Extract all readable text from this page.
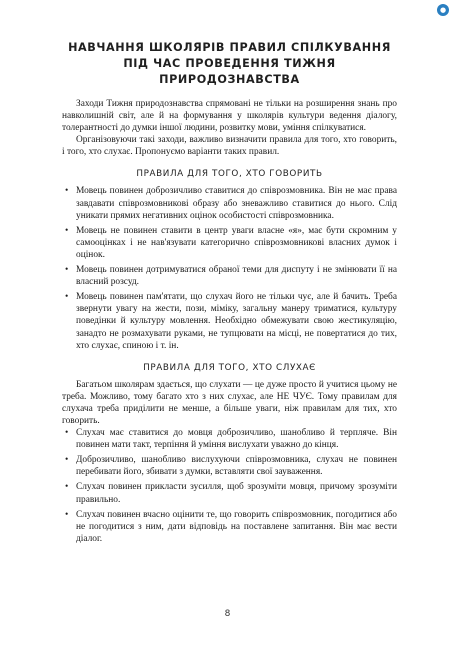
●
НАВЧАННЯ ШКОЛЯРІВ ПРАВИЛ СПІЛКУВАННЯ
ПІД ЧАС ПРОВЕДЕННЯ ТИЖНЯ ПРИРОДОЗНАВСТВА

Заходи Тижня природознавства спрямовані не тільки на розширення знань про навколишній світ, але й на формування у школярів культури ведення діалогу, толерантності до думки іншої людини, розвитку мови, уміння спілкуватися.

Організовуючи такі заходи, важливо визначити правила для того, хто говорить, і того, хто слухає. Пропонуємо варіанти таких правил.

ПРАВИЛА ДЛЯ ТОГО, ХТО ГОВОРИТЬ
• Мовець повинен доброзичливо ставитися до співрозмовника. Він не має права завдавати співрозмовникові образу або зневажливо ставитися до нього. Слід уникати прямих негативних оцінок особистості співрозмовника.
• Мовець не повинен ставити в центр уваги власне «я», має бути скромним у самооцінках і не нав'язувати категорично співрозмовникові власних думок і оцінок.
• Мовець повинен дотримуватися обраної теми для диспуту і не змінювати її на власний розсуд.
• Мовець повинен пам'ятати, що слухач його не тільки чує, але й бачить. Треба звернути увагу на жести, пози, міміку, загальну манеру триматися, культуру поведінки й культуру мовлення. Необхідно обмежувати свою жестикуляцію, занадто не розмахувати руками, не тупцювати на місці, не повертатися до тих, хто слухає, спиною і т. ін.
ПРАВИЛА ДЛЯ ТОГО, ХТО СЛУХАЄ

Багатьом школярам здається, що слухати — це дуже просто й учитися цьому не треба. Можливо, тому багато хто з них слухає, але НЕ ЧУЄ. Тому правилам для слухача треба приділити не менше, а більше уваги, ніж правилам для тих, хто говорить.

• Слухач має ставитися до мовця доброзичливо, шанобливо й терпляче. Він повинен мати такт, терпіння й уміння вислухати уважно до кінця.
• Доброзичливо, шанобливо вислухуючи співрозмовника, слухач не повинен перебивати його, збивати з думки, вставляти свої зауваження.
• Слухач повинен прикласти зусилля, щоб зрозуміти мовця, причому зрозуміти правильно.
• Слухач повинен вчасно оцінити те, що говорить співрозмовник, погодитися або не погодитися з ним, дати відповідь на поставлене запитання. Він має вести діалог.
8
